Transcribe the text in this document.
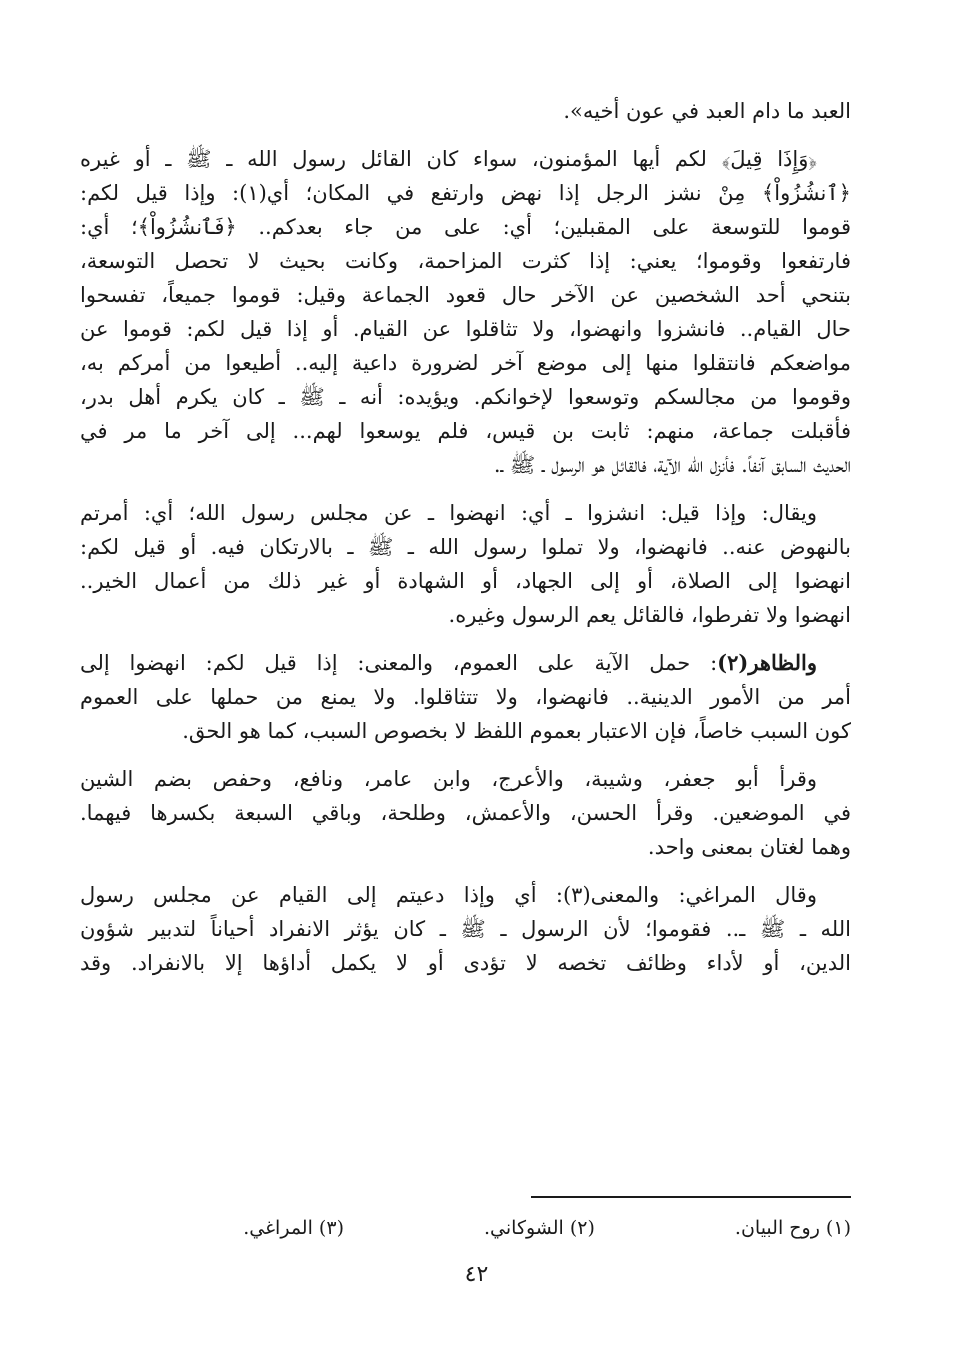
العبد ما دام العبد في عون أخيه».

﴿وَإِذَا قِيلَ﴾ لكم أيها المؤمنون، سواء كان القائل رسول الله ـ ﷺ ـ أو غيره
﴿ٱنشُزُواْ﴾ مِنْ نشز الرجل إذا نهض وارتفع في المكان؛ أي(١): وإذا قيل لكم:
قوموا للتوسعة على المقبلين؛ أي: على من جاء بعدكم.. ﴿فَٱنشُزُواْ﴾؛ أي:
فارتفعوا وقوموا؛ يعني: إذا كثرت المزاحمة، وكانت بحيث لا تحصل التوسعة،
بتنحي أحد الشخصين عن الآخر حال قعود الجماعة وقيل: قوموا جميعاً، تفسحوا
حال القيام.. فانشزوا وانهضوا، ولا تثاقلوا عن القيام. أو إذا قيل لكم: قوموا عن
مواضعكم فانتقلوا منها إلى موضع آخر لضرورة داعية إليه.. أطيعوا من أمركم به،
وقوموا من مجالسكم وتوسعوا لإخوانكم. ويؤيده: أنه ـ ﷺ ـ كان يكرم أهل بدر،
فأقبلت جماعة، منهم: ثابت بن قيس، فلم يوسعوا لهم... إلى آخر ما مر في
الحديث السابق آنفاً. فأنزل الله الآية، فالقائل هو الرسول ـ ﷺ ـ.

ويقال: وإذا قيل: انشزوا ـ أي: انهضوا ـ عن مجلس رسول الله؛ أي: أمرتم
بالنهوض عنه.. فانهضوا، ولا تملوا رسول الله ـ ﷺ ـ بالارتكان فيه. أو قيل لكم:
انهضوا إلى الصلاة، أو إلى الجهاد، أو الشهادة أو غير ذلك من أعمال الخير..
انهضوا ولا تفرطوا، فالقائل يعم الرسول وغيره.

والظاهر(٢): حمل الآية على العموم، والمعنى: إذا قيل لكم: انهضوا إلى
أمر من الأمور الدينية.. فانهضوا، ولا تتثاقلوا. ولا يمنع من حملها على العموم
كون السبب خاصاً، فإن الاعتبار بعموم اللفظ لا بخصوص السبب، كما هو الحق.

وقرأ أبو جعفر، وشيبة، والأعرج، وابن عامر، ونافع، وحفص بضم الشين
في الموضعين. وقرأ الحسن، والأعمش، وطلحة، وباقي السبعة بكسرها فيهما.
وهما لغتان بمعنى واحد.

وقال المراغي: والمعنى(٣): أي وإذا دعيتم إلى القيام عن مجلس رسول
الله ـ ﷺ ـ.. فقوموا؛ لأن الرسول ـ ﷺ ـ كان يؤثر الانفراد أحياناً لتدبير شؤون
الدين، أو لأداء وظائف تخصه لا تؤدى أو لا يكمل أداؤها إلا بالانفراد. وقد

(١) روح البيان.
(٢) الشوكاني.
(٣) المراغي.
٤٢
